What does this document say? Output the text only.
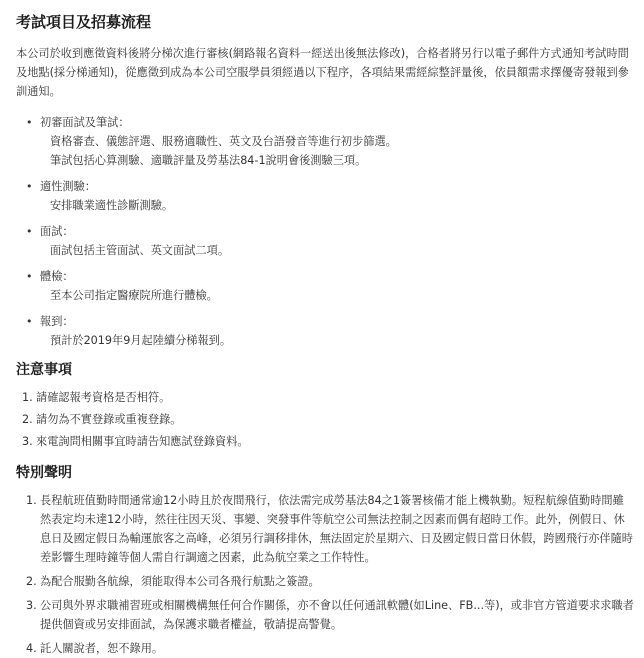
考試項目及招募流程

本公司於收到應徵資料後將分梯次進行審核(網路報名資料一經送出後無法修改)，合格者將另行以電子郵件方式通知考試時間及地點(採分梯通知)，從應徵到成為本公司空服學員須經過以下程序，各項結果需經綜整評量後，依員額需求擇優寄發報到參訓通知。

• 初審面試及筆試：
資格審查、儀態評選、服務適職性、英文及台語發音等進行初步篩選。
筆試包括心算測驗、適職評量及勞基法84-1說明會後測驗三項。
• 適性測驗：
安排職業適性診斷測驗。
• 面試：
面試包括主管面試、英文面試二項。
• 體檢：
至本公司指定醫療院所進行體檢。
• 報到：
預計於2019年9月起陸續分梯報到。
注意事項
1. 請確認報考資格是否相符。
2. 請勿為不實登錄或重複登錄。
3. 來電詢問相關事宜時請告知應試登錄資料。
特別聲明
1. 長程航班值勤時間通常逾12小時且於夜間飛行，依法需完成勞基法84之1簽署核備才能上機執勤。短程航線值勤時間雖然表定均未達12小時，然往往因天災、事變、突發事件等航空公司無法控制之因素而偶有超時工作。此外，例假日、休息日及國定假日為輸運旅客之高峰，必須另行調移排休，無法固定於星期六、日及國定假日當日休假，跨國飛行亦伴隨時差影響生理時鐘等個人需自行調適之因素，此為航空業之工作特性。
2. 為配合服勤各航線，須能取得本公司各飛行航點之簽證。
3. 公司與外界求職補習班或相關機構無任何合作關係，亦不會以任何通訊軟體(如Line、FB...等)，或非官方管道要求求職者提供個資或另安排面試，為保護求職者權益，敬請提高警覺。
4. 託人關說者，恕不錄用。
